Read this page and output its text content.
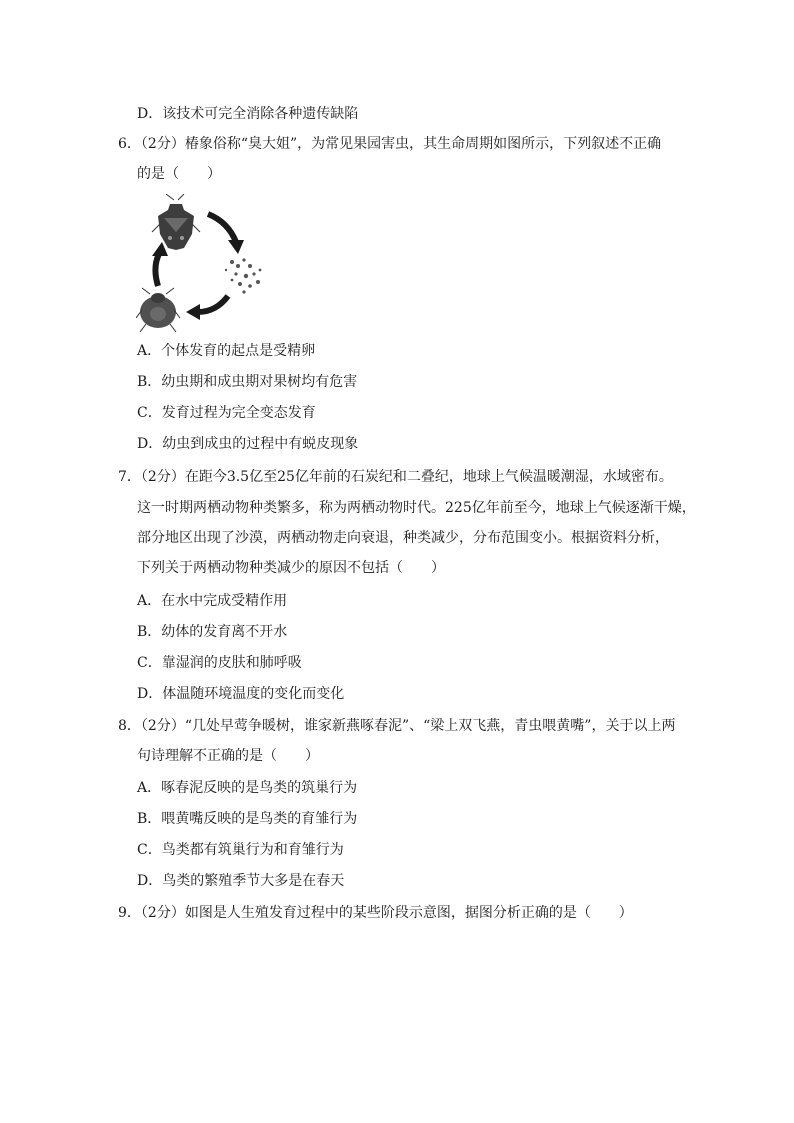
D．该技术可完全消除各种遗传缺陷
6．（2分）椿象俗称“臭大姐”，为常见果园害虫，其生命周期如图所示，下列叙述不正确
的是（　　）
A．个体发育的起点是受精卵
B．幼虫期和成虫期对果树均有危害
C．发育过程为完全变态发育
D．幼虫到成虫的过程中有蜕皮现象
7．（2分）在距今3.5亿至25亿年前的石炭纪和二叠纪，地球上气候温暖潮湿，水域密布。
这一时期两栖动物种类繁多，称为两栖动物时代。225亿年前至今，地球上气候逐渐干燥，
部分地区出现了沙漠，两栖动物走向衰退，种类减少，分布范围变小。根据资料分析，
下列关于两栖动物种类减少的原因不包括（　　）
A．在水中完成受精作用
B．幼体的发育离不开水
C．靠湿润的皮肤和肺呼吸
D．体温随环境温度的变化而变化
8．（2分）“几处早莺争暖树，谁家新燕啄春泥”、“梁上双飞燕，青虫喂黄嘴”，关于以上两
句诗理解不正确的是（　　）
A．啄春泥反映的是鸟类的筑巢行为
B．喂黄嘴反映的是鸟类的育雏行为
C．鸟类都有筑巢行为和育雏行为
D．鸟类的繁殖季节大多是在春天
9．（2分）如图是人生殖发育过程中的某些阶段示意图，据图分析正确的是（　　）
